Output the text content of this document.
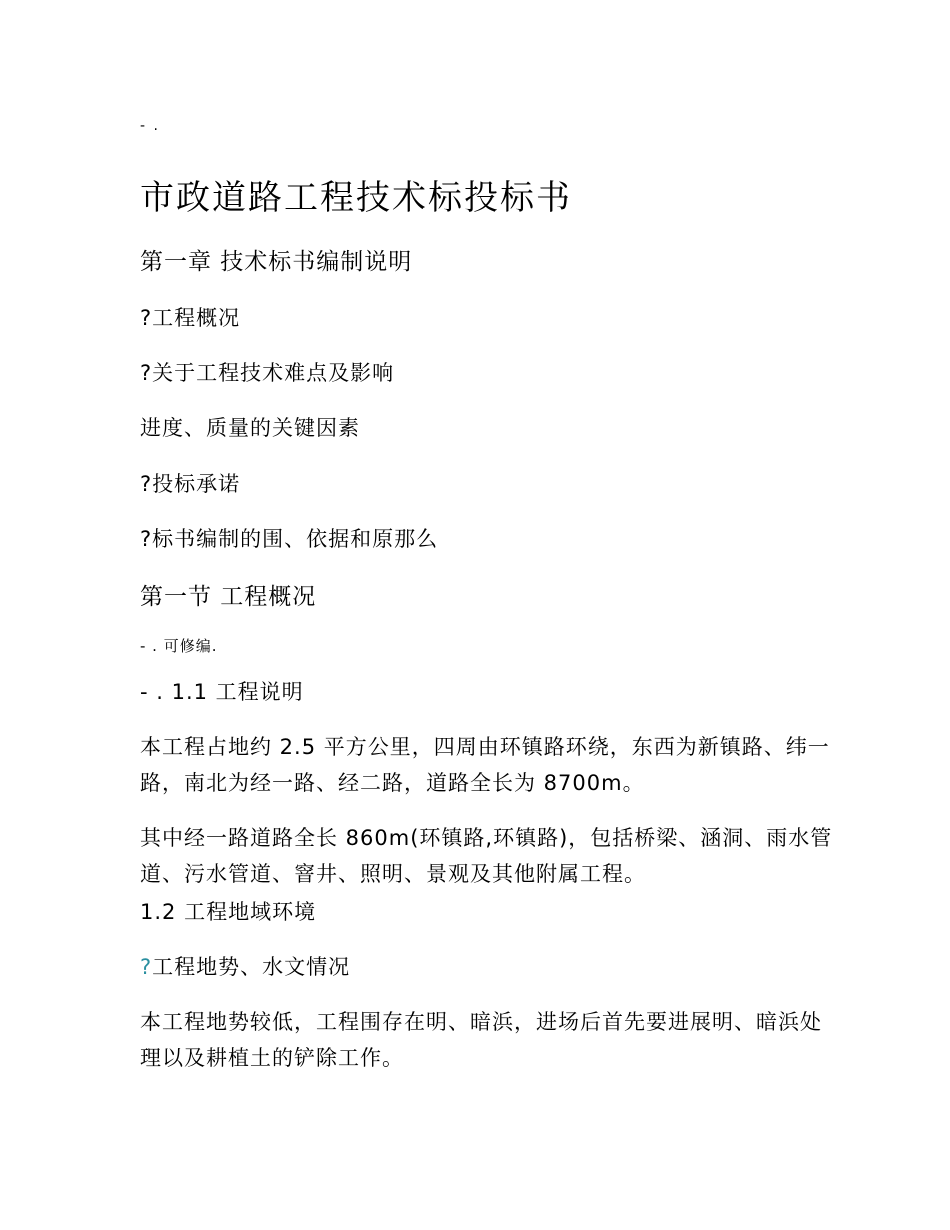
- .
市政道路工程技术标投标书
第一章 技术标书编制说明
?工程概况
?关于工程技术难点及影响
进度、质量的关键因素
?投标承诺
?标书编制的围、依据和原那么
第一节 工程概况
- . 可修编.
- . 1.1 工程说明
本工程占地约 2.5 平方公里，四周由环镇路环绕，东西为新镇路、纬一路，南北为经一路、经二路，道路全长为 8700m。
其中经一路道路全长 860m(环镇路,环镇路)，包括桥梁、涵洞、雨水管道、污水管道、窨井、照明、景观及其他附属工程。
1.2 工程地域环境
?工程地势、水文情况
本工程地势较低，工程围存在明、暗浜，进场后首先要进展明、暗浜处理以及耕植土的铲除工作。
